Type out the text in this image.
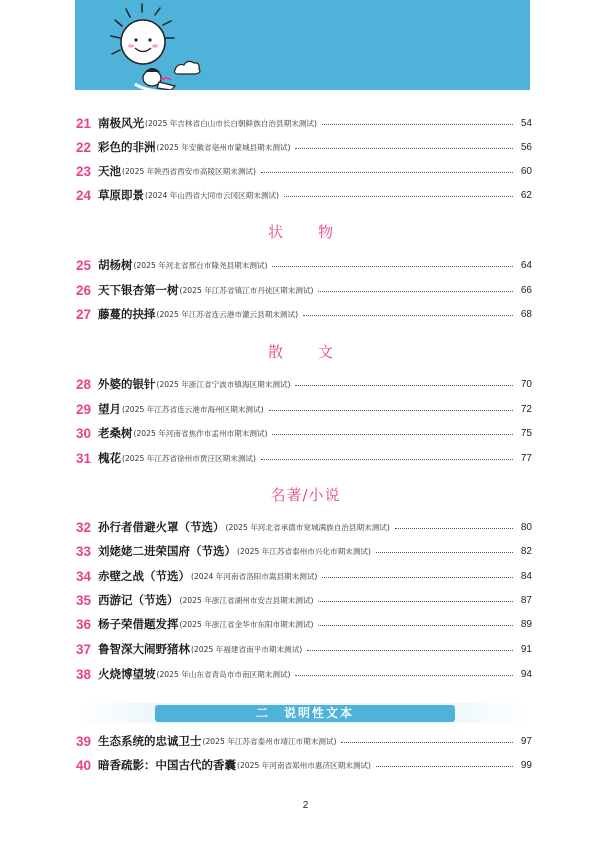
21 南极风光 (2025 年吉林省白山市长白朝鲜族自治县期末测试)	54
22 彩色的非洲 (2025 年安徽省亳州市蒙城县期末测试)	56
23 天池 (2025 年陕西省西安市高陵区期末测试)	60
24 草原即景 (2024 年山西省大同市云冈区期末测试)	62
状　物
25 胡杨树 (2025 年河北省邢台市隆尧县期末测试)	64
26 天下银杏第一树 (2025 年江苏省镇江市丹徒区期末测试)	66
27 藤蔓的抉择 (2025 年江苏省连云港市灌云县期末测试)	68
散　文
28 外婆的银针 (2025 年浙江省宁波市镇海区期末测试)	70
29 望月 (2025 年江苏省连云港市海州区期末测试)	72
30 老桑树 (2025 年河南省焦作市孟州市期末测试)	75
31 槐花 (2025 年江苏省徐州市贾汪区期末测试)	77
名著/小说
32 孙行者借避火罩（节选） (2025 年河北省承德市宽城满族自治县期末测试)	80
33 刘姥姥二进荣国府（节选） (2025 年江苏省泰州市兴化市期末测试)	82
34 赤壁之战（节选） (2024 年河南省洛阳市嵩县期末测试)	84
35 西游记（节选） (2025 年浙江省湖州市安吉县期末测试)	87
36 杨子荣借题发挥 (2025 年浙江省金华市东阳市期末测试)	89
37 鲁智深大闹野猪林 (2025 年福建省南平市期末测试)	91
38 火烧博望坡 (2025 年山东省青岛市市南区期末测试)	94
二　说明性文本
39 生态系统的忠诚卫士 (2025 年江苏省泰州市靖江市期末测试)	97
40 暗香疏影：中国古代的香囊 (2025 年河南省郑州市惠济区期末测试)	99
2
